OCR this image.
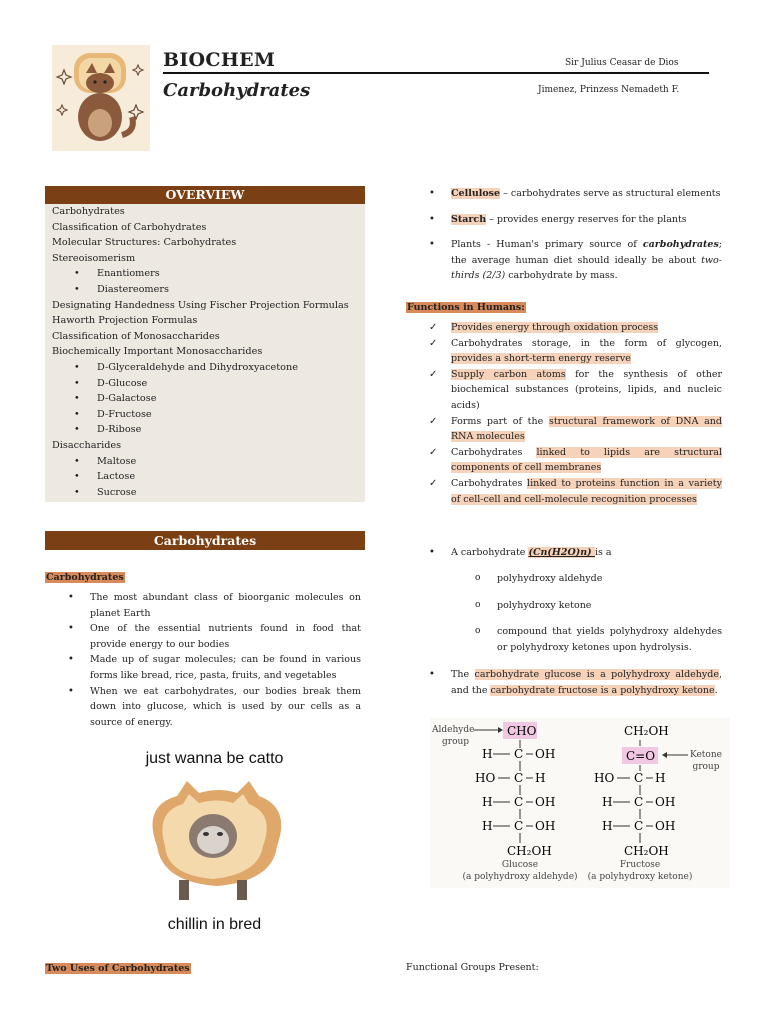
BIOCHEM
Carbohydrates
Sir Julius Ceasar de Dios
Jimenez, Prinzess Nemadeth F.
OVERVIEW
Carbohydrates
Classification of Carbohydrates
Molecular Structures: Carbohydrates
Stereoisomerism
• Enantiomers
• Diastereomers
Designating Handedness Using Fischer Projection Formulas
Haworth Projection Formulas
Classification of Monosaccharides
Biochemically Important Monosaccharides
• D-Glyceraldehyde and Dihydroxyacetone
• D-Glucose
• D-Galactose
• D-Fructose
• D-Ribose
Disaccharides
• Maltose
• Lactose
• Sucrose
Carbohydrates
Carbohydrates
• The most abundant class of bioorganic molecules on planet Earth
• One of the essential nutrients found in food that provide energy to our bodies
• Made up of sugar molecules; can be found in various forms like bread, rice, pasta, fruits, and vegetables
• When we eat carbohydrates, our bodies break them down into glucose, which is used by our cells as a source of energy.
just wanna be catto
chillin in bred
Two Uses of Carbohydrates
• Cellulose – carbohydrates serve as structural elements
• Starch – provides energy reserves for the plants
• Plants - Human's primary source of carbohydrates; the average human diet should ideally be about two-thirds (2/3) carbohydrate by mass.
Functions in Humans:
✓ Provides energy through oxidation process
✓ Carbohydrates storage, in the form of glycogen, provides a short-term energy reserve
✓ Supply carbon atoms for the synthesis of other biochemical substances (proteins, lipids, and nucleic acids)
✓ Forms part of the structural framework of DNA and RNA molecules
✓ Carbohydrates linked to lipids are structural components of cell membranes
✓ Carbohydrates linked to proteins function in a variety of cell-cell and cell-molecule recognition processes
• A carbohydrate (Cn(H2O)n) is a
o polyhydroxy aldehyde
o polyhydroxy ketone
o compound that yields polyhydroxy aldehydes or polyhydroxy ketones upon hydrolysis.
• The carbohydrate glucose is a polyhydroxy aldehyde, and the carbohydrate fructose is a polyhydroxy ketone.
CHO
H C OH
HO C H
H C OH
H C OH
CH₂OH
CH₂OH
C=O
HO C H
H C OH
H C OH
CH₂OH
Aldehyde
group
Ketone
group
Glucose
(a polyhydroxy aldehyde)
Fructose
(a polyhydroxy ketone)
Functional Groups Present:
